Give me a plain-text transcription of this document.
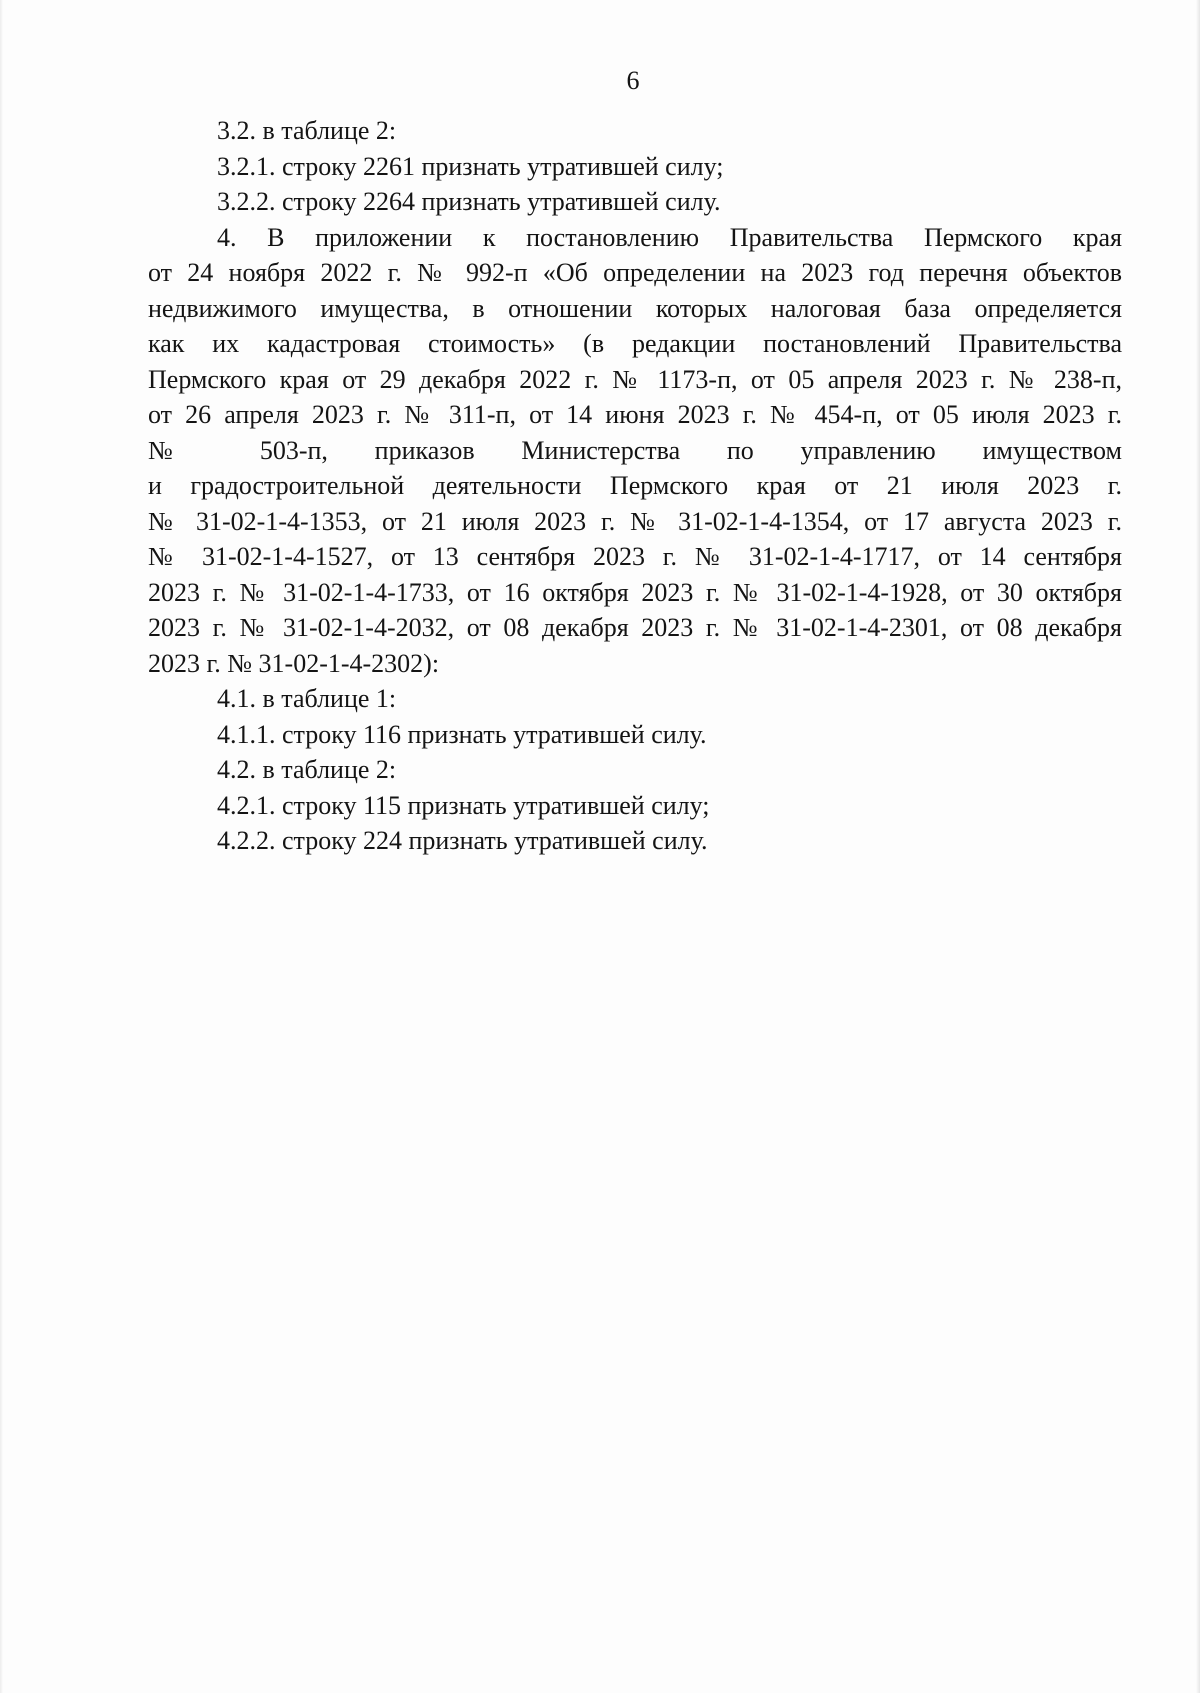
6
3.2. в таблице 2:
3.2.1. строку 2261 признать утратившей силу;
3.2.2. строку 2264 признать утратившей силу.
4. В приложении к постановлению Правительства Пермского края
от 24 ноября 2022 г. № 992-п «Об определении на 2023 год перечня объектов
недвижимого имущества, в отношении которых налоговая база определяется
как их кадастровая стоимость» (в редакции постановлений Правительства
Пермского края от 29 декабря 2022 г. № 1173-п, от 05 апреля 2023 г. № 238-п,
от 26 апреля 2023 г. № 311-п, от 14 июня 2023 г. № 454-п, от 05 июля 2023 г.
№ 503-п, приказов Министерства по управлению имуществом
и градостроительной деятельности Пермского края от 21 июля 2023 г.
№ 31-02-1-4-1353, от 21 июля 2023 г. № 31-02-1-4-1354, от 17 августа 2023 г.
№ 31-02-1-4-1527, от 13 сентября 2023 г. № 31-02-1-4-1717, от 14 сентября
2023 г. № 31-02-1-4-1733, от 16 октября 2023 г. № 31-02-1-4-1928, от 30 октября
2023 г. № 31-02-1-4-2032, от 08 декабря 2023 г. № 31-02-1-4-2301, от 08 декабря
2023 г. № 31-02-1-4-2302):
4.1. в таблице 1:
4.1.1. строку 116 признать утратившей силу.
4.2. в таблице 2:
4.2.1. строку 115 признать утратившей силу;
4.2.2. строку 224 признать утратившей силу.
